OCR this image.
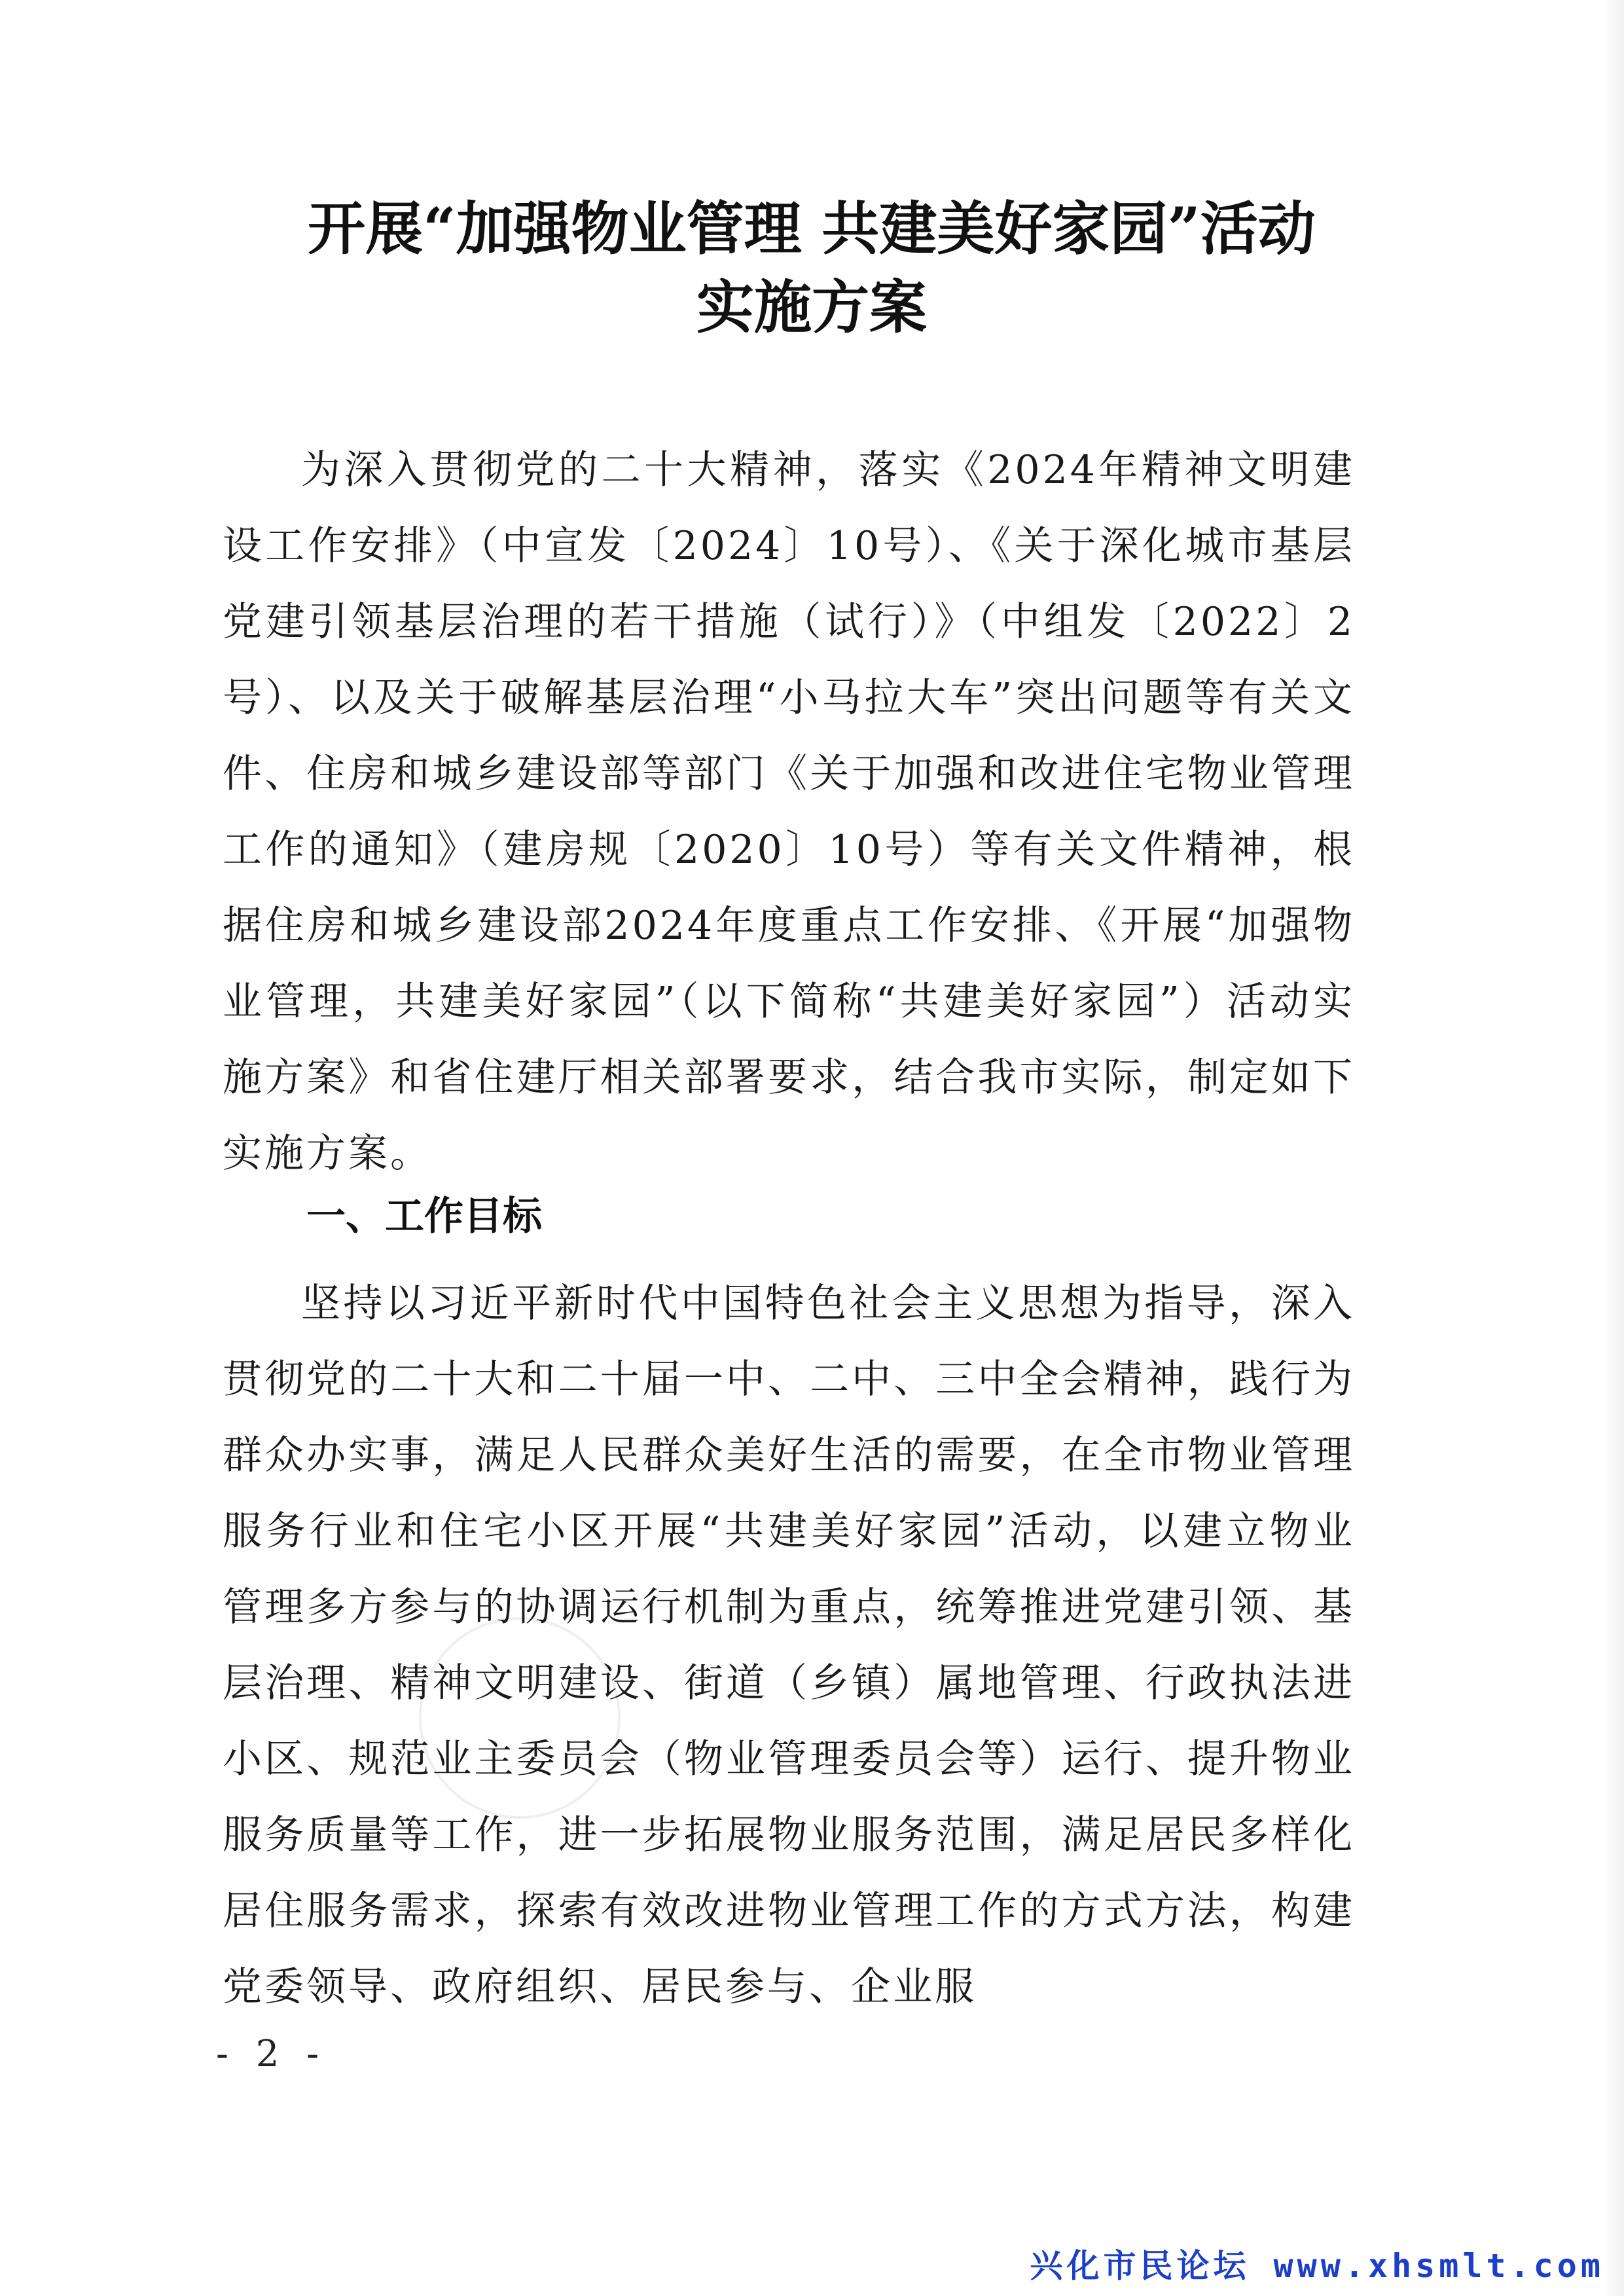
开展“加强物业管理 共建美好家园”活动
实施方案

为深入贯彻党的二十大精神，落实《2024年精神文明建设工作安排》（中宣发〔2024〕10号）、《关于深化城市基层党建引领基层治理的若干措施（试行）》（中组发〔2022〕2号）、以及关于破解基层治理“小马拉大车”突出问题等有关文件、住房和城乡建设部等部门《关于加强和改进住宅物业管理工作的通知》（建房规〔2020〕10号）等有关文件精神，根据住房和城乡建设部2024年度重点工作安排、《开展“加强物业管理，共建美好家园”（以下简称“共建美好家园”）活动实施方案》和省住建厅相关部署要求，结合我市实际，制定如下实施方案。

一、工作目标

坚持以习近平新时代中国特色社会主义思想为指导，深入贯彻党的二十大和二十届一中、二中、三中全会精神，践行为群众办实事，满足人民群众美好生活的需要，在全市物业管理服务行业和住宅小区开展“共建美好家园”活动，以建立物业管理多方参与的协调运行机制为重点，统筹推进党建引领、基层治理、精神文明建设、街道（乡镇）属地管理、行政执法进小区、规范业主委员会（物业管理委员会等）运行、提升物业服务质量等工作，进一步拓展物业服务范围，满足居民多样化居住服务需求，探索有效改进物业管理工作的方式方法，构建党委领导、政府组织、居民参与、企业服

- 2 -
兴化市民论坛 www.xhsmlt.com
